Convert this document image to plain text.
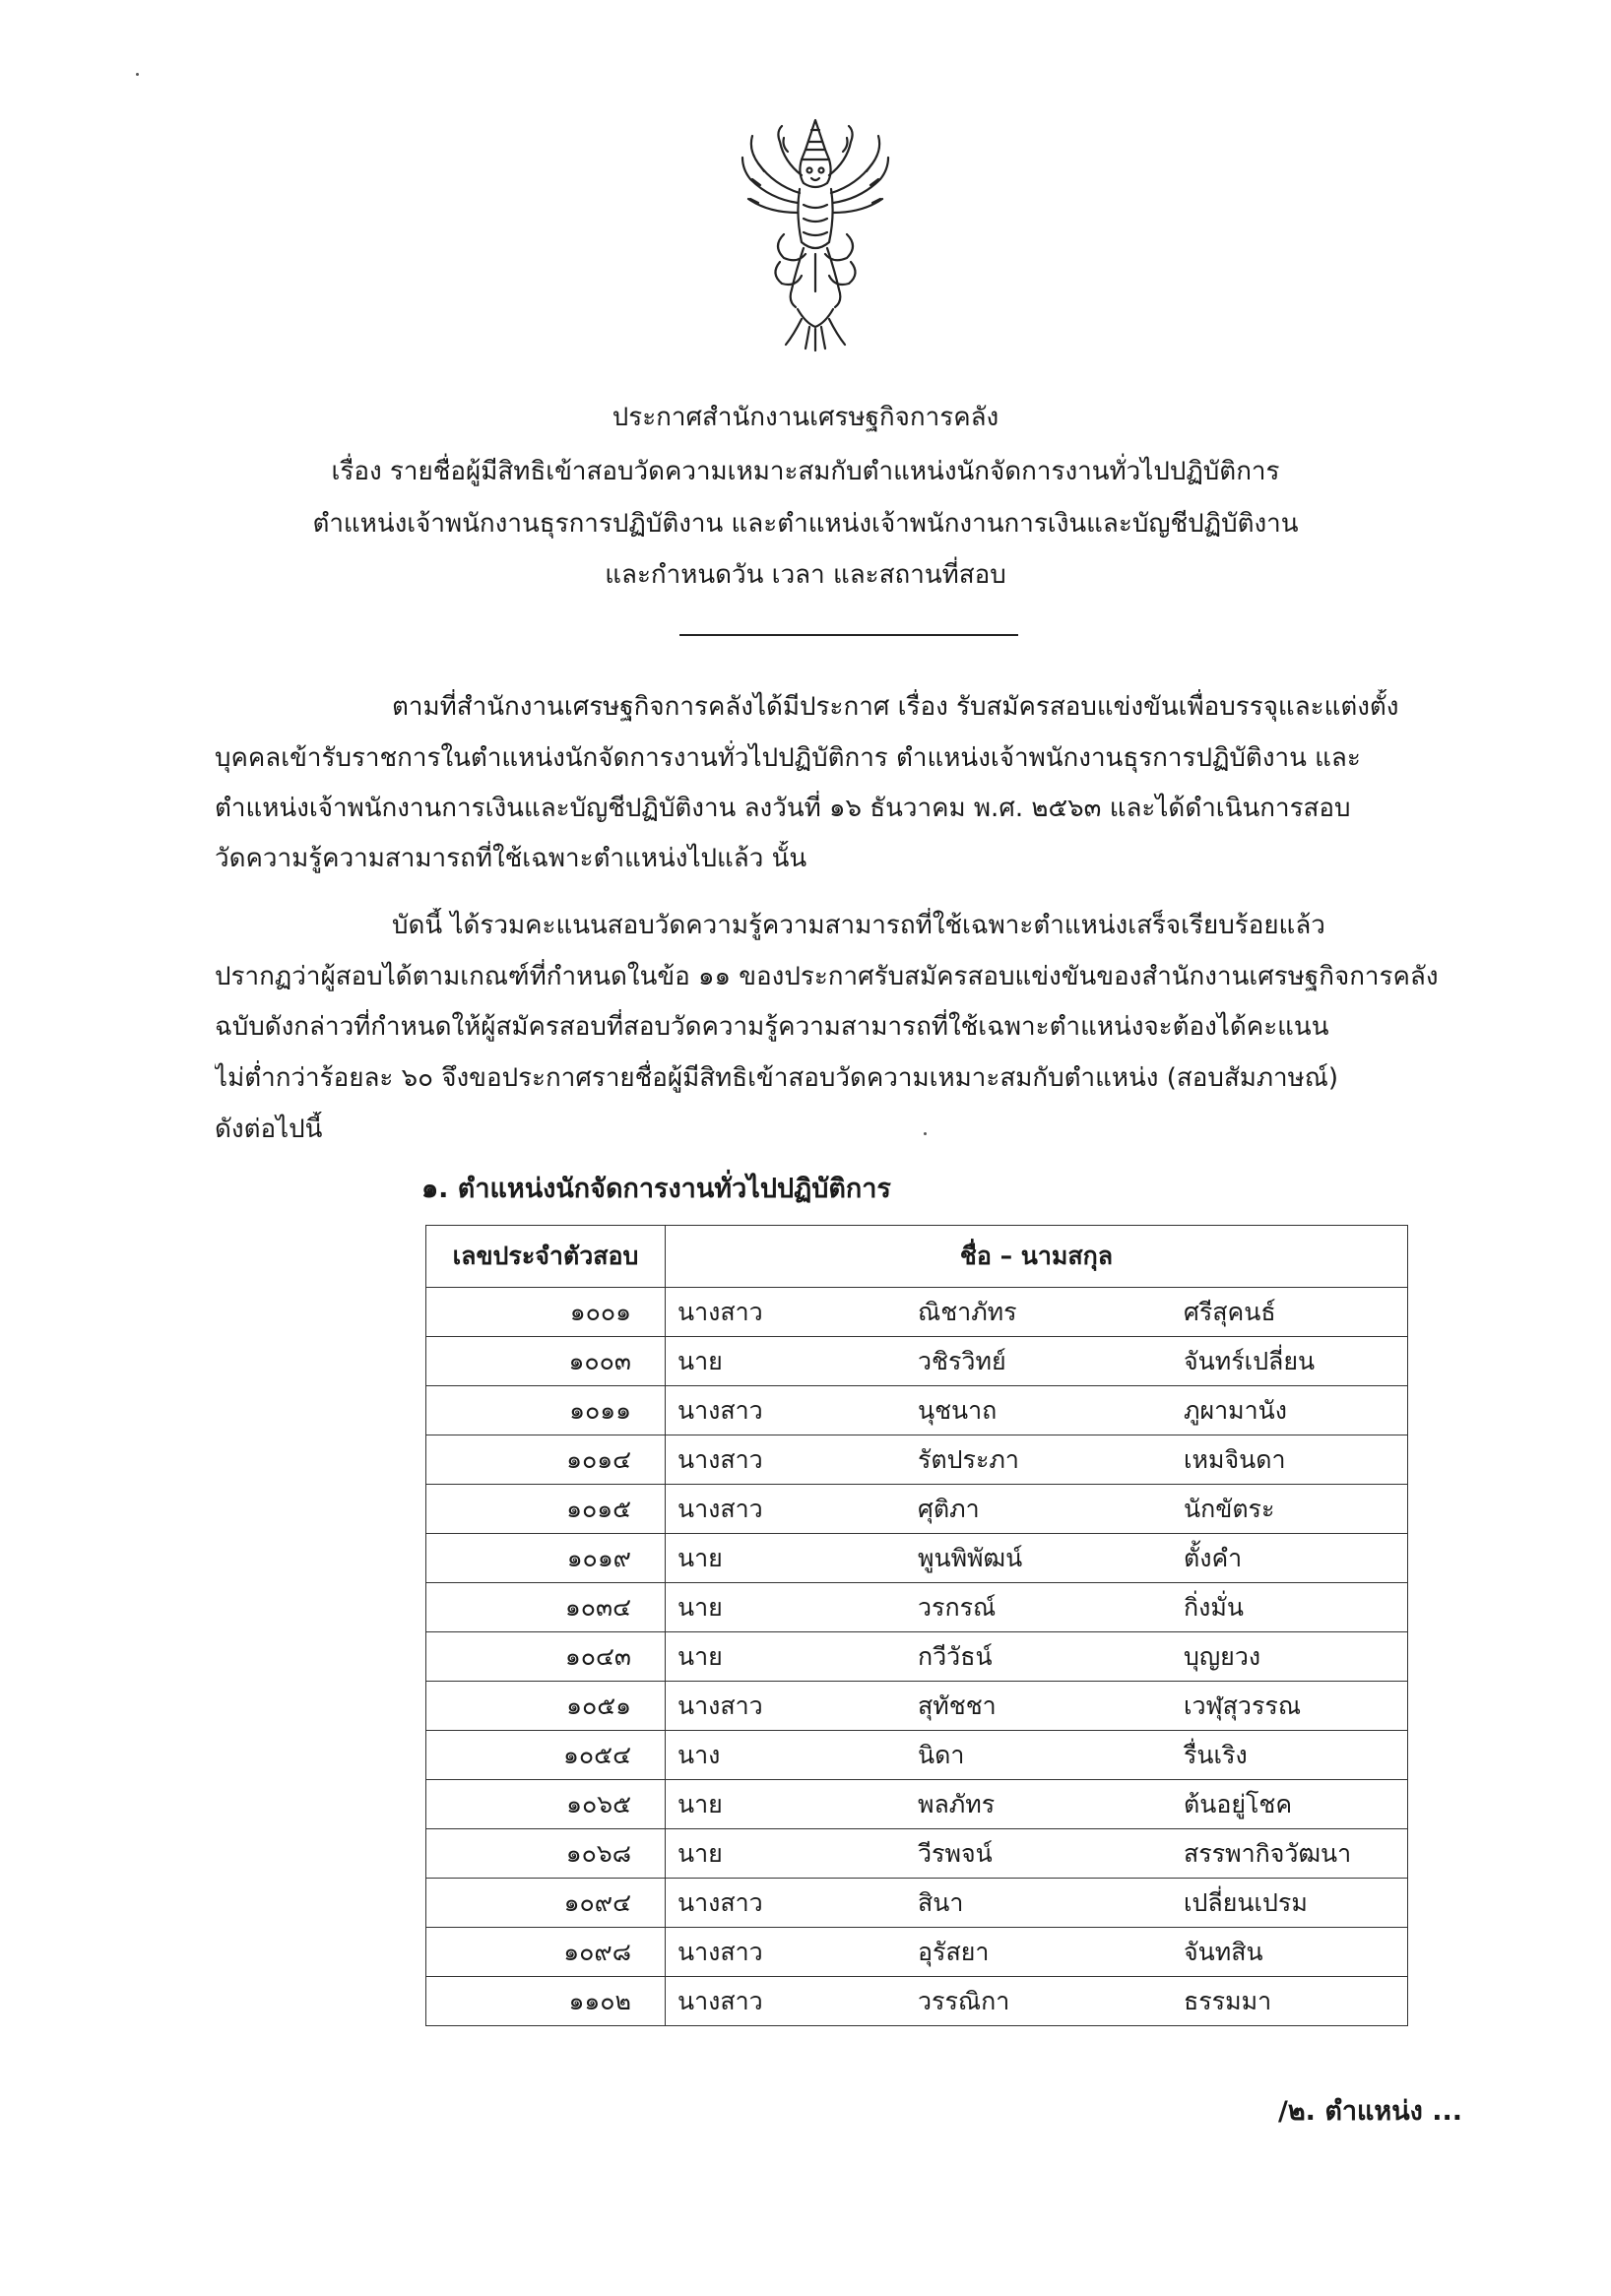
ประกาศสำนักงานเศรษฐกิจการคลัง
เรื่อง รายชื่อผู้มีสิทธิเข้าสอบวัดความเหมาะสมกับตำแหน่งนักจัดการงานทั่วไปปฏิบัติการ
ตำแหน่งเจ้าพนักงานธุรการปฏิบัติงาน และตำแหน่งเจ้าพนักงานการเงินและบัญชีปฏิบัติงาน
และกำหนดวัน เวลา และสถานที่สอบ
ตามที่สำนักงานเศรษฐกิจการคลังได้มีประกาศ เรื่อง รับสมัครสอบแข่งขันเพื่อบรรจุและแต่งตั้ง
บุคคลเข้ารับราชการในตำแหน่งนักจัดการงานทั่วไปปฏิบัติการ ตำแหน่งเจ้าพนักงานธุรการปฏิบัติงาน และ
ตำแหน่งเจ้าพนักงานการเงินและบัญชีปฏิบัติงาน ลงวันที่ ๑๖ ธันวาคม พ.ศ. ๒๕๖๓ และได้ดำเนินการสอบ
วัดความรู้ความสามารถที่ใช้เฉพาะตำแหน่งไปแล้ว นั้น
บัดนี้ ได้รวมคะแนนสอบวัดความรู้ความสามารถที่ใช้เฉพาะตำแหน่งเสร็จเรียบร้อยแล้ว
ปรากฏว่าผู้สอบได้ตามเกณฑ์ที่กำหนดในข้อ ๑๑ ของประกาศรับสมัครสอบแข่งขันของสำนักงานเศรษฐกิจการคลัง
ฉบับดังกล่าวที่กำหนดให้ผู้สมัครสอบที่สอบวัดความรู้ความสามารถที่ใช้เฉพาะตำแหน่งจะต้องได้คะแนน
ไม่ต่ำกว่าร้อยละ ๖๐ จึงขอประกาศรายชื่อผู้มีสิทธิเข้าสอบวัดความเหมาะสมกับตำแหน่ง (สอบสัมภาษณ์)
ดังต่อไปนี้
๑. ตำแหน่งนักจัดการงานทั่วไปปฏิบัติการ
เลขประจำตัวสอบ	ชื่อ – นามสกุล		
๑๐๐๑	นางสาว	ณิชาภัทร	ศรีสุคนธ์
๑๐๐๓	นาย	วชิรวิทย์	จันทร์เปลี่ยน
๑๐๑๑	นางสาว	นุชนาถ	ภูผามานัง
๑๐๑๔	นางสาว	รัตประภา	เหมจินดา
๑๐๑๕	นางสาว	ศุติภา	นักขัตระ
๑๐๑๙	นาย	พูนพิพัฒน์	ตั้งคำ
๑๐๓๔	นาย	วรกรณ์	กิ่งมั่น
๑๐๔๓	นาย	กวีวัธน์	บุญยวง
๑๐๕๑	นางสาว	สุทัชชา	เวฬุสุวรรณ
๑๐๕๔	นาง	นิดา	รื่นเริง
๑๐๖๕	นาย	พลภัทร	ต้นอยู่โชค
๑๐๖๘	นาย	วีรพจน์	สรรพากิจวัฒนา
๑๐๙๔	นางสาว	สินา	เปลี่ยนเปรม
๑๐๙๘	นางสาว	อุรัสยา	จันทสิน
๑๑๐๒	นางสาว	วรรณิกา	ธรรมมา
/๒. ตำแหน่ง ...
